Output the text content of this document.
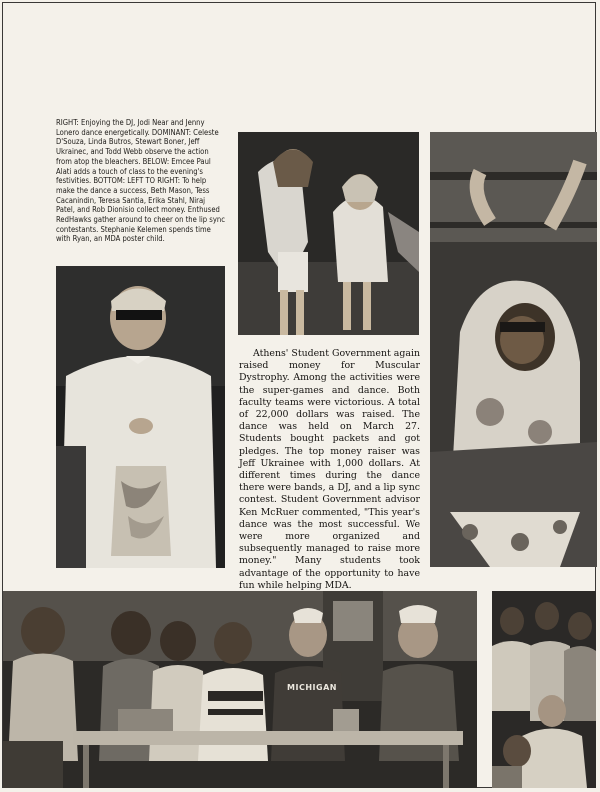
MICHIGAN
RIGHT: Enjoying the DJ, Jodi Near and Jenny Lonero dance energetically. DOMINANT: Celeste D'Souza, Linda Butros, Stewart Boner, Jeff Ukrainec, and Todd Webb observe the action from atop the bleachers. BELOW: Emcee Paul Alati adds a touch of class to the evening's festivities. BOTTOM: LEFT TO RIGHT: To help make the dance a success, Beth Mason, Tess Cacanindin, Teresa Santia, Erika Stahl, Niraj Patel, and Rob Dionisio collect money. Enthused RedHawks gather around to cheer on the lip sync contestants. Stephanie Kelemen spends time with Ryan, an MDA poster child.
Athens' Student Government again raised money for Muscular Dystrophy. Among the activities were the super-games and dance. Both faculty teams were victorious. A total of 22,000 dollars was raised. The dance was held on March 27. Students bought packets and got pledges. The top money raiser was Jeff Ukrainee with 1,000 dollars. At different times during the dance there were bands, a DJ, and a lip sync contest. Student Government advisor Ken McRuer commented, "This year's dance was the most successful. We were more organized and subsequently managed to raise more money." Many students took advantage of the opportunity to have fun while helping MDA.
